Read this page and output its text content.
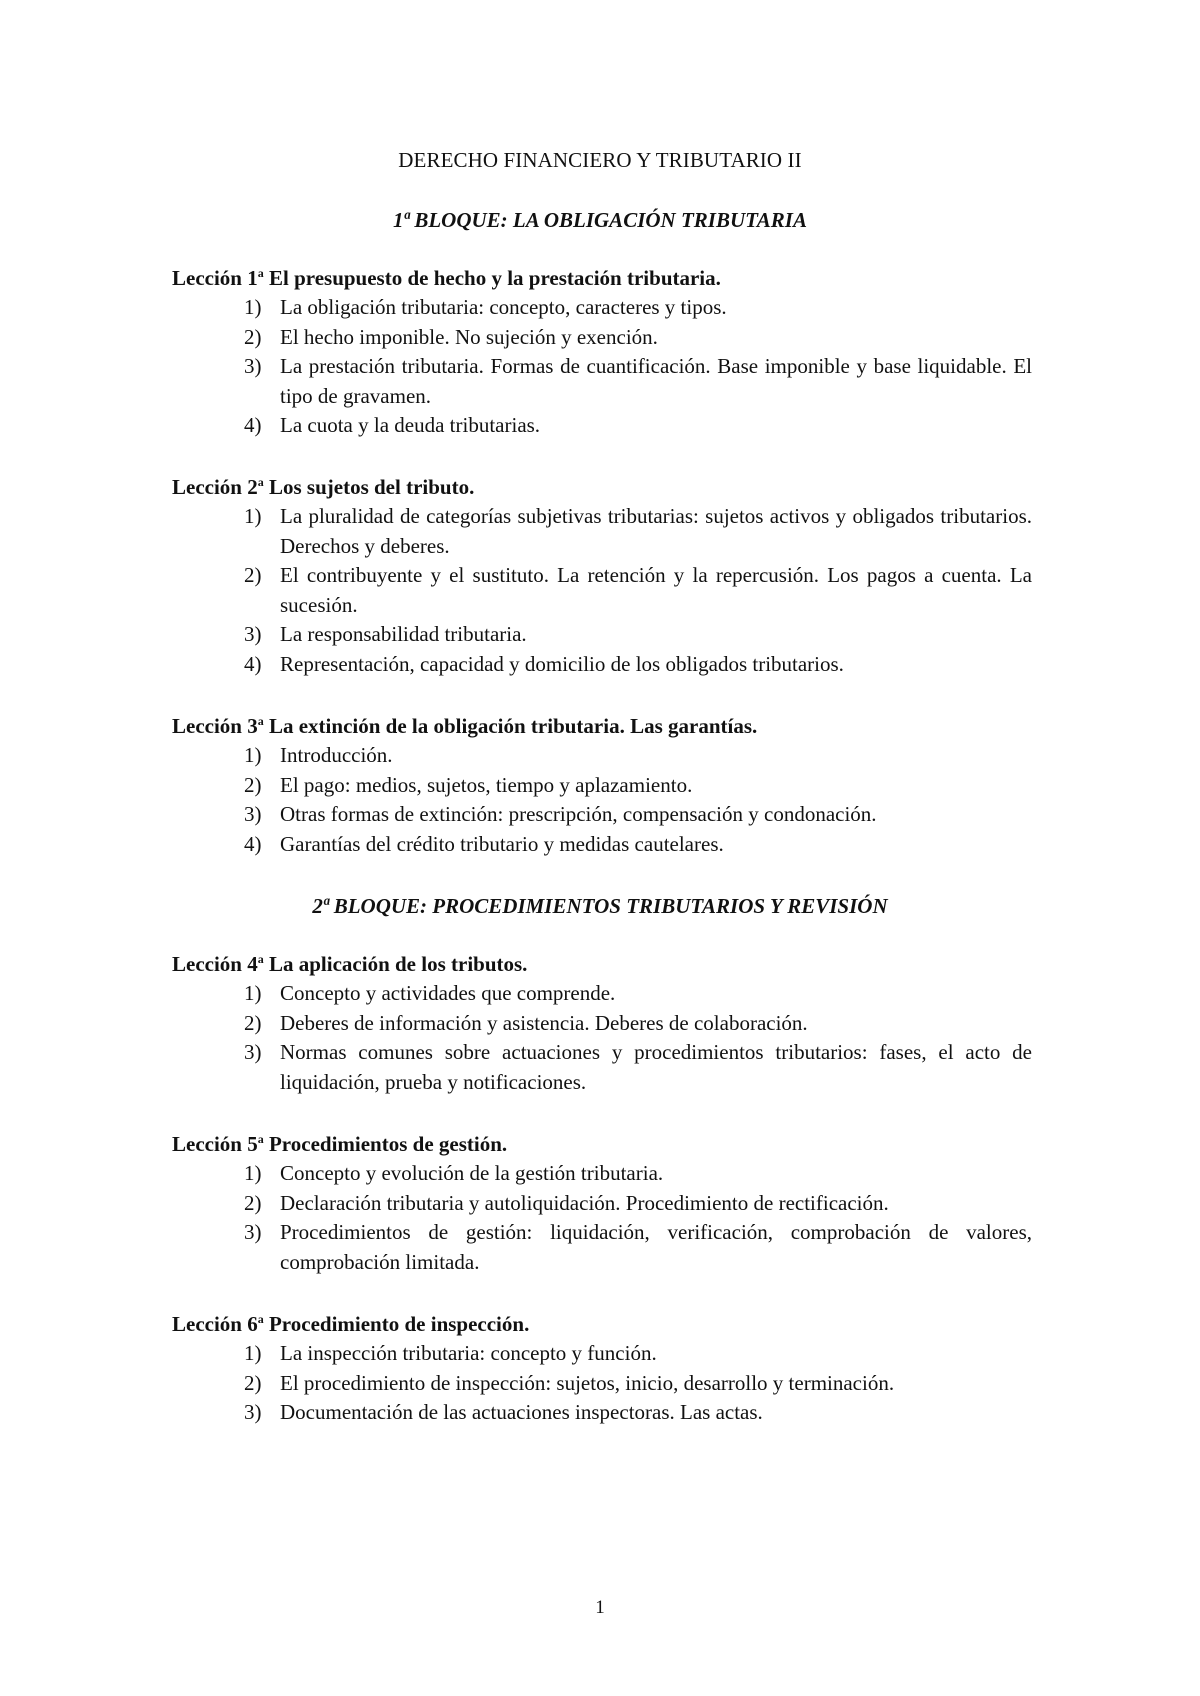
DERECHO FINANCIERO Y TRIBUTARIO II
1ª BLOQUE: LA OBLIGACIÓN TRIBUTARIA

Lección 1$^a$ El presupuesto de hecho y la prestación tributaria.

1) La obligación tributaria: concepto, caracteres y tipos.
2) El hecho imponible. No sujeción y exención.
3) La prestación tributaria. Formas de cuantificación. Base imponible y base liquidable. El tipo de gravamen.
4) La cuota y la deuda tributarias.

Lección 2$^a$ Los sujetos del tributo.

1) La pluralidad de categorías subjetivas tributarias: sujetos activos y obligados tributarios. Derechos y deberes.
2) El contribuyente y el sustituto. La retención y la repercusión. Los pagos a cuenta. La sucesión.
3) La responsabilidad tributaria.
4) Representación, capacidad y domicilio de los obligados tributarios.

Lección 3$^a$ La extinción de la obligación tributaria. Las garantías.

1) Introducción.
2) El pago: medios, sujetos, tiempo y aplazamiento.
3) Otras formas de extinción: prescripción, compensación y condonación.
4) Garantías del crédito tributario y medidas cautelares.
2ª BLOQUE: PROCEDIMIENTOS TRIBUTARIOS Y REVISIÓN

Lección 4$^a$ La aplicación de los tributos.

1) Concepto y actividades que comprende.
2) Deberes de información y asistencia. Deberes de colaboración.
3) Normas comunes sobre actuaciones y procedimientos tributarios: fases, el acto de liquidación, prueba y notificaciones.

Lección 5$^a$ Procedimientos de gestión.

1) Concepto y evolución de la gestión tributaria.
2) Declaración tributaria y autoliquidación. Procedimiento de rectificación.
3) Procedimientos de gestión: liquidación, verificación, comprobación de valores, comprobación limitada.

Lección 6$^a$ Procedimiento de inspección.

1) La inspección tributaria: concepto y función.
2) El procedimiento de inspección: sujetos, inicio, desarrollo y terminación.
3) Documentación de las actuaciones inspectoras. Las actas.
1
